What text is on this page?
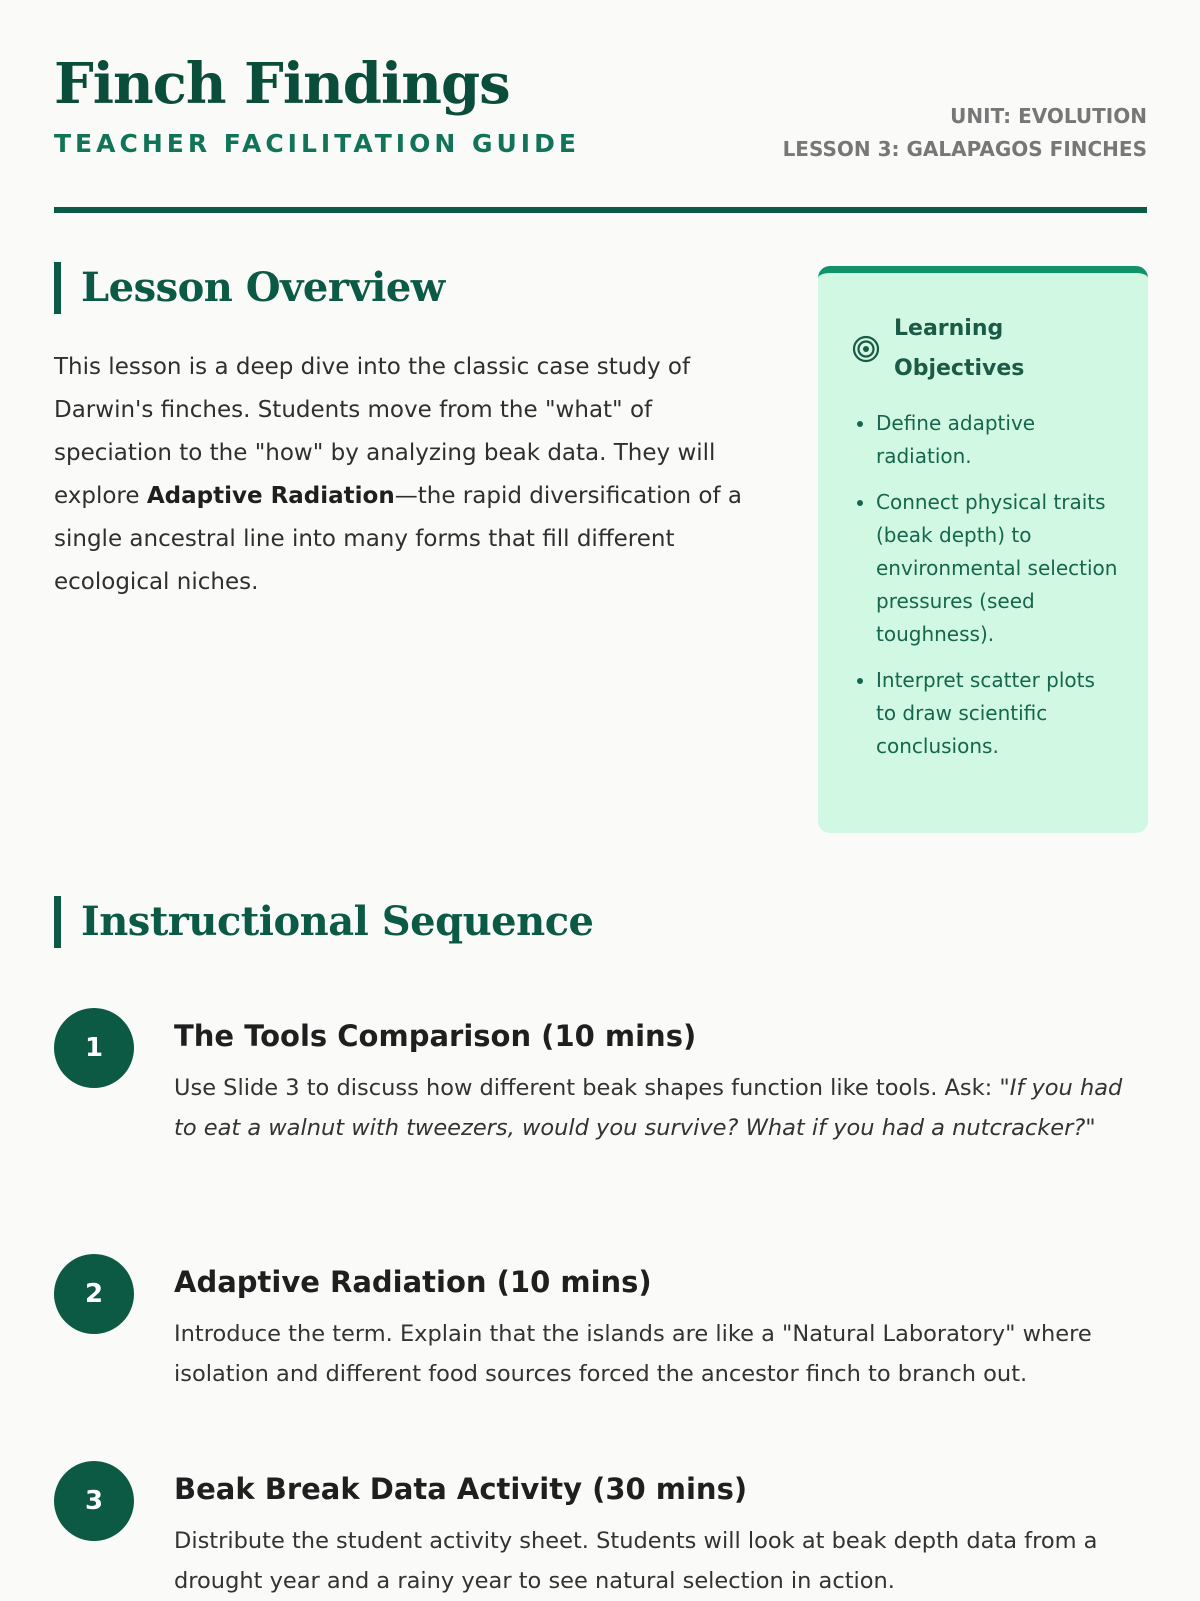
Finch Findings
TEACHER FACILITATION GUIDE
UNIT: EVOLUTION
LESSON 3: GALAPAGOS FINCHES
Lesson Overview

This lesson is a deep dive into the classic case study of Darwin's finches. Students move from the "what" of speciation to the "how" by analyzing beak data. They will explore Adaptive Radiation—the rapid diversification of a single ancestral line into many forms that fill different ecological niches.

Learning Objectives
• Define adaptive radiation.
• Connect physical traits (beak depth) to environmental selection pressures (seed toughness).
• Interpret scatter plots to draw scientific conclusions.
Instructional Sequence
1	The Tools Comparison (10 mins)

Use Slide 3 to discuss how different beak shapes function like tools. Ask: "If you had to eat a walnut with tweezers, would you survive? What if you had a nutcracker?"

2	Adaptive Radiation (10 mins)

Introduce the term. Explain that the islands are like a "Natural Laboratory" where isolation and different food sources forced the ancestor finch to branch out.

3	Beak Break Data Activity (30 mins)

Distribute the student activity sheet. Students will look at beak depth data from a drought year and a rainy year to see natural selection in action.
